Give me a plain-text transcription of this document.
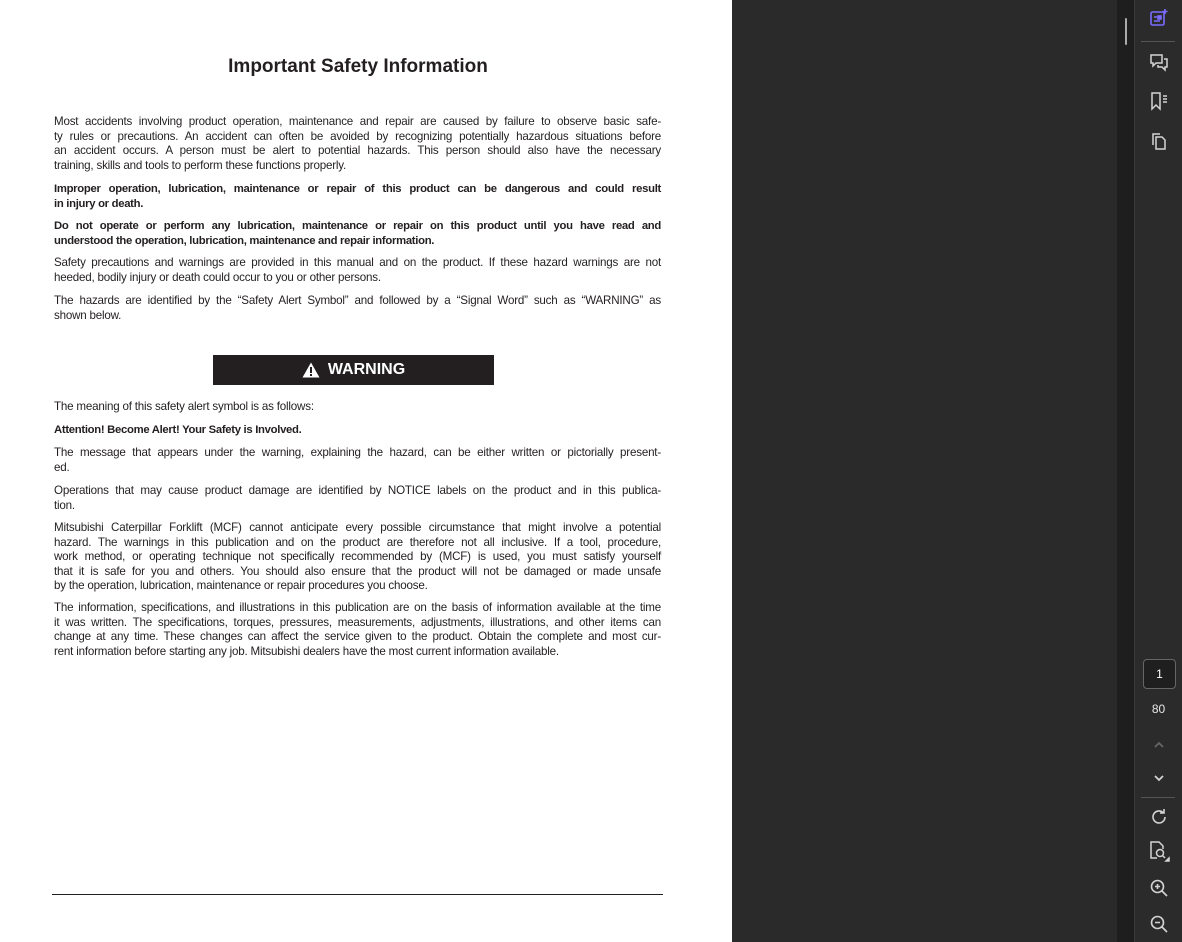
Important Safety Information
Most accidents involving product operation, maintenance and repair are caused by failure to observe basic safe-
ty rules or precautions. An accident can often be avoided by recognizing potentially hazardous situations before
an accident occurs. A person must be alert to potential hazards. This person should also have the necessary
training, skills and tools to perform these functions properly.
Improper operation, lubrication, maintenance or repair of this product can be dangerous and could result
in injury or death.
Do not operate or perform any lubrication, maintenance or repair on this product until you have read and
understood the operation, lubrication, maintenance and repair information.
Safety precautions and warnings are provided in this manual and on the product. If these hazard warnings are not
heeded, bodily injury or death could occur to you or other persons.
The hazards are identified by the “Safety Alert Symbol” and followed by a “Signal Word” such as “WARNING” as
shown below.
The meaning of this safety alert symbol is as follows:
Attention! Become Alert! Your Safety is Involved.
The message that appears under the warning, explaining the hazard, can be either written or pictorially present-
ed.
Operations that may cause product damage are identified by NOTICE labels on the product and in this publica-
tion.
Mitsubishi Caterpillar Forklift (MCF) cannot anticipate every possible circumstance that might involve a potential
hazard. The warnings in this publication and on the product are therefore not all inclusive. If a tool, procedure,
work method, or operating technique not specifically recommended by (MCF) is used, you must satisfy yourself
that it is safe for you and others. You should also ensure that the product will not be damaged or made unsafe
by the operation, lubrication, maintenance or repair procedures you choose.
The information, specifications, and illustrations in this publication are on the basis of information available at the time
it was written. The specifications, torques, pressures, measurements, adjustments, illustrations, and other items can
change at any time. These changes can affect the service given to the product. Obtain the complete and most cur-
rent information before starting any job. Mitsubishi dealers have the most current information available.
WARNING
1
80
